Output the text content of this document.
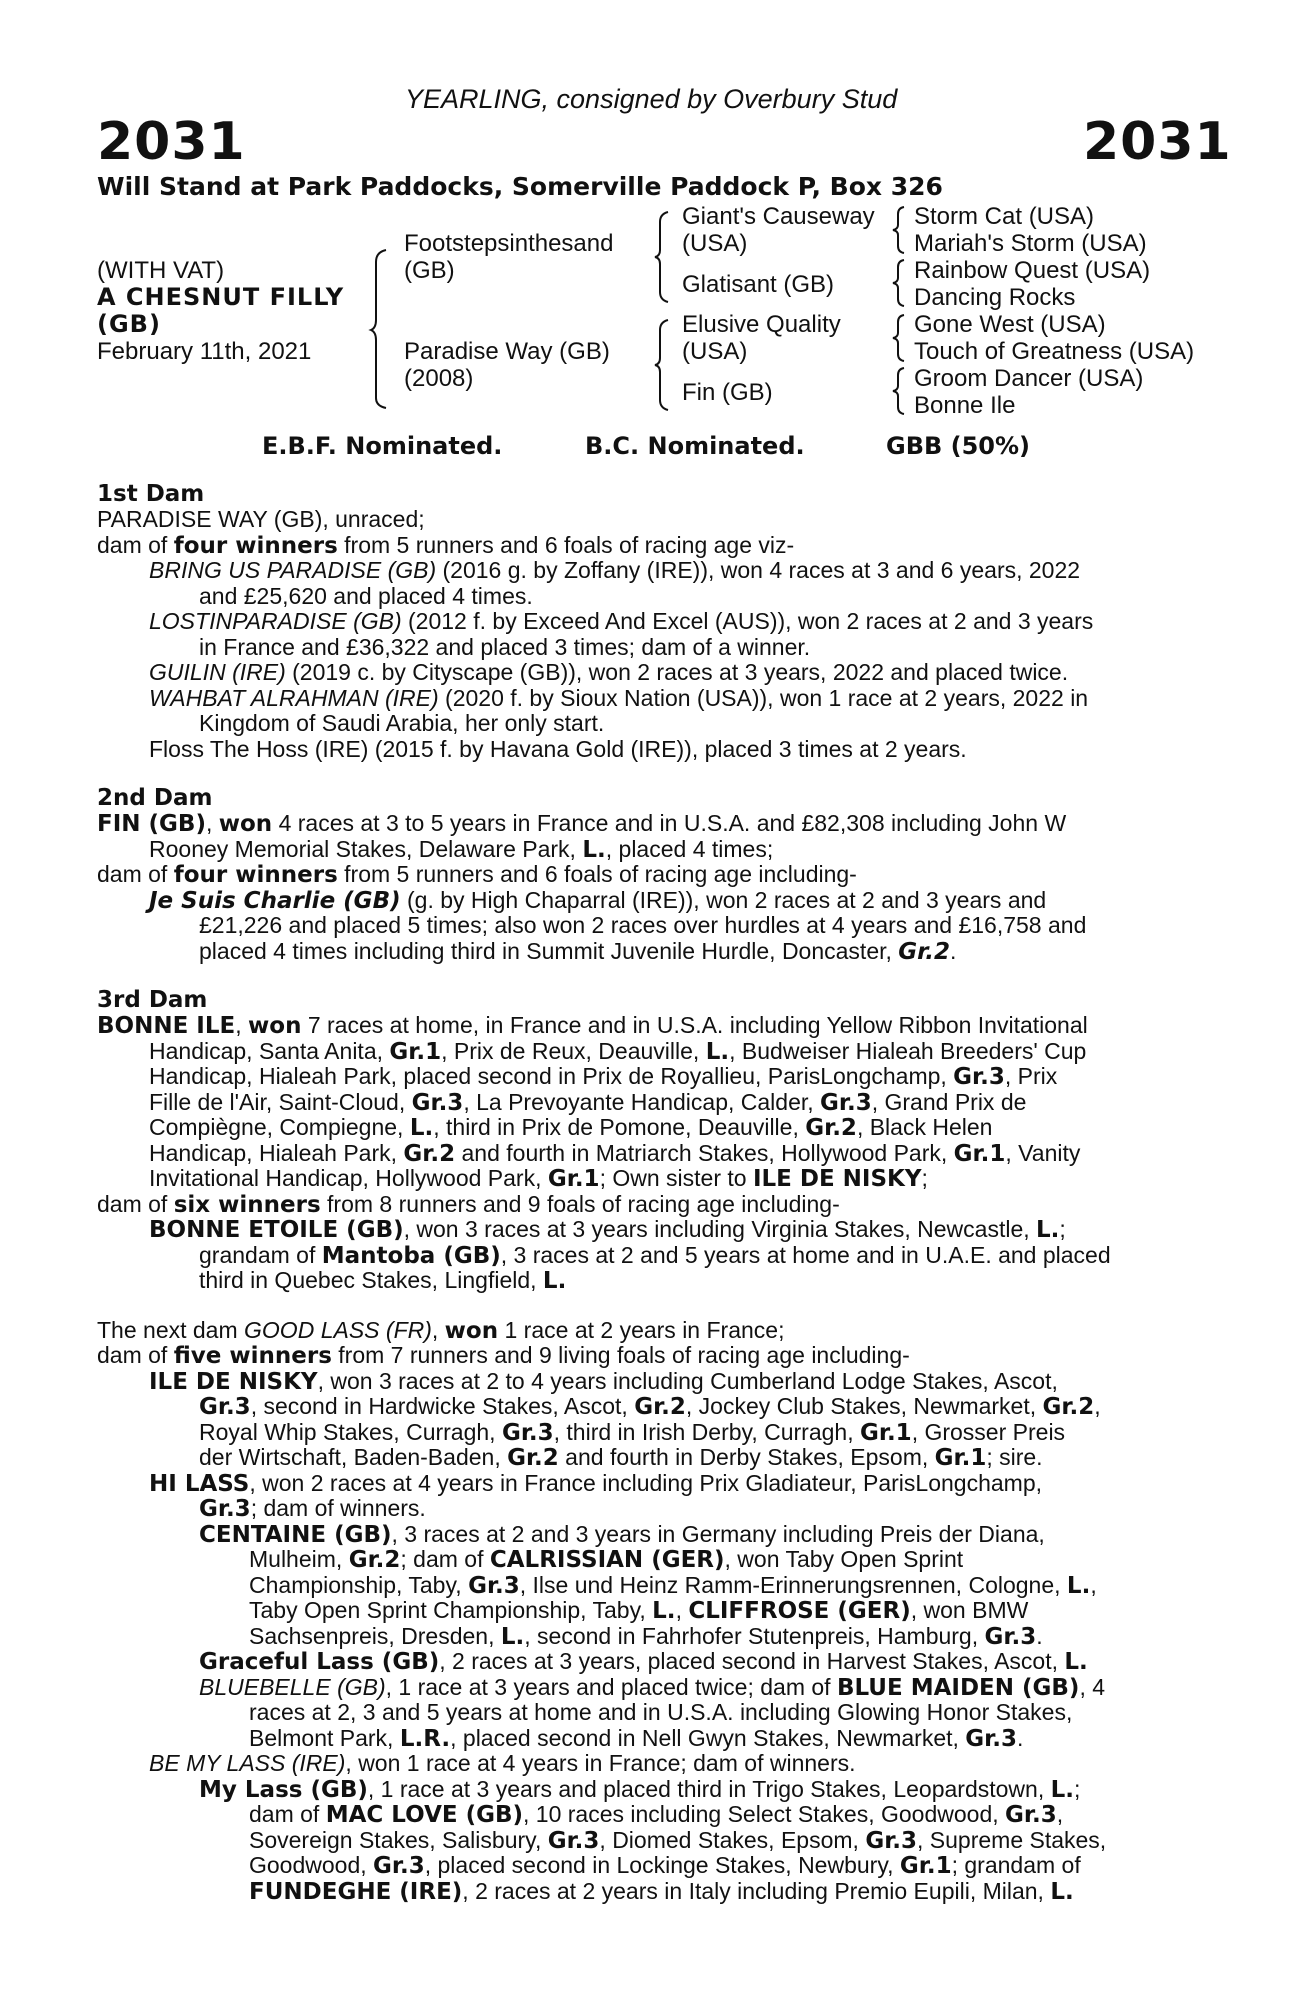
YEARLING, consigned by Overbury Stud
2031	2031
Will Stand at Park Paddocks, Somerville Paddock P, Box 326
(WITH VAT)
A CHESNUT FILLY
(GB)
February 11th, 2021
Footstepsinthesand
(GB)
Paradise Way (GB)
(2008)
Giant's Causeway
(USA)
Glatisant (GB)
Elusive Quality
(USA)
Fin (GB)
Storm Cat (USA)
Mariah's Storm (USA)
Rainbow Quest (USA)
Dancing Rocks
Gone West (USA)
Touch of Greatness (USA)
Groom Dancer (USA)
Bonne Ile
E.B.F. Nominated.	B.C. Nominated.	GBB (50%)
1st Dam
PARADISE WAY (GB), unraced;
dam of four winners from 5 runners and 6 foals of racing age viz-
BRING US PARADISE (GB) (2016 g. by Zoffany (IRE)), won 4 races at 3 and 6 years, 2022
and £25,620 and placed 4 times.
LOSTINPARADISE (GB) (2012 f. by Exceed And Excel (AUS)), won 2 races at 2 and 3 years
in France and £36,322 and placed 3 times; dam of a winner.
GUILIN (IRE) (2019 c. by Cityscape (GB)), won 2 races at 3 years, 2022 and placed twice.
WAHBAT ALRAHMAN (IRE) (2020 f. by Sioux Nation (USA)), won 1 race at 2 years, 2022 in
Kingdom of Saudi Arabia, her only start.
Floss The Hoss (IRE) (2015 f. by Havana Gold (IRE)), placed 3 times at 2 years.
2nd Dam
FIN (GB), won 4 races at 3 to 5 years in France and in U.S.A. and £82,308 including John W
Rooney Memorial Stakes, Delaware Park, L., placed 4 times;
dam of four winners from 5 runners and 6 foals of racing age including-
Je Suis Charlie (GB) (g. by High Chaparral (IRE)), won 2 races at 2 and 3 years and
£21,226 and placed 5 times; also won 2 races over hurdles at 4 years and £16,758 and
placed 4 times including third in Summit Juvenile Hurdle, Doncaster, Gr.2.
3rd Dam
BONNE ILE, won 7 races at home, in France and in U.S.A. including Yellow Ribbon Invitational
Handicap, Santa Anita, Gr.1, Prix de Reux, Deauville, L., Budweiser Hialeah Breeders' Cup
Handicap, Hialeah Park, placed second in Prix de Royallieu, ParisLongchamp, Gr.3, Prix
Fille de l'Air, Saint-Cloud, Gr.3, La Prevoyante Handicap, Calder, Gr.3, Grand Prix de
Compiègne, Compiegne, L., third in Prix de Pomone, Deauville, Gr.2, Black Helen
Handicap, Hialeah Park, Gr.2 and fourth in Matriarch Stakes, Hollywood Park, Gr.1, Vanity
Invitational Handicap, Hollywood Park, Gr.1; Own sister to ILE DE NISKY;
dam of six winners from 8 runners and 9 foals of racing age including-
BONNE ETOILE (GB), won 3 races at 3 years including Virginia Stakes, Newcastle, L.;
grandam of Mantoba (GB), 3 races at 2 and 5 years at home and in U.A.E. and placed
third in Quebec Stakes, Lingfield, L.
The next dam GOOD LASS (FR), won 1 race at 2 years in France;
dam of five winners from 7 runners and 9 living foals of racing age including-
ILE DE NISKY, won 3 races at 2 to 4 years including Cumberland Lodge Stakes, Ascot,
Gr.3, second in Hardwicke Stakes, Ascot, Gr.2, Jockey Club Stakes, Newmarket, Gr.2,
Royal Whip Stakes, Curragh, Gr.3, third in Irish Derby, Curragh, Gr.1, Grosser Preis
der Wirtschaft, Baden-Baden, Gr.2 and fourth in Derby Stakes, Epsom, Gr.1; sire.
HI LASS, won 2 races at 4 years in France including Prix Gladiateur, ParisLongchamp,
Gr.3; dam of winners.
CENTAINE (GB), 3 races at 2 and 3 years in Germany including Preis der Diana,
Mulheim, Gr.2; dam of CALRISSIAN (GER), won Taby Open Sprint
Championship, Taby, Gr.3, Ilse und Heinz Ramm-Erinnerungsrennen, Cologne, L.,
Taby Open Sprint Championship, Taby, L., CLIFFROSE (GER), won BMW
Sachsenpreis, Dresden, L., second in Fahrhofer Stutenpreis, Hamburg, Gr.3.
Graceful Lass (GB), 2 races at 3 years, placed second in Harvest Stakes, Ascot, L.
BLUEBELLE (GB), 1 race at 3 years and placed twice; dam of BLUE MAIDEN (GB), 4
races at 2, 3 and 5 years at home and in U.S.A. including Glowing Honor Stakes,
Belmont Park, L.R., placed second in Nell Gwyn Stakes, Newmarket, Gr.3.
BE MY LASS (IRE), won 1 race at 4 years in France; dam of winners.
My Lass (GB), 1 race at 3 years and placed third in Trigo Stakes, Leopardstown, L.;
dam of MAC LOVE (GB), 10 races including Select Stakes, Goodwood, Gr.3,
Sovereign Stakes, Salisbury, Gr.3, Diomed Stakes, Epsom, Gr.3, Supreme Stakes,
Goodwood, Gr.3, placed second in Lockinge Stakes, Newbury, Gr.1; grandam of
FUNDEGHE (IRE), 2 races at 2 years in Italy including Premio Eupili, Milan, L.
